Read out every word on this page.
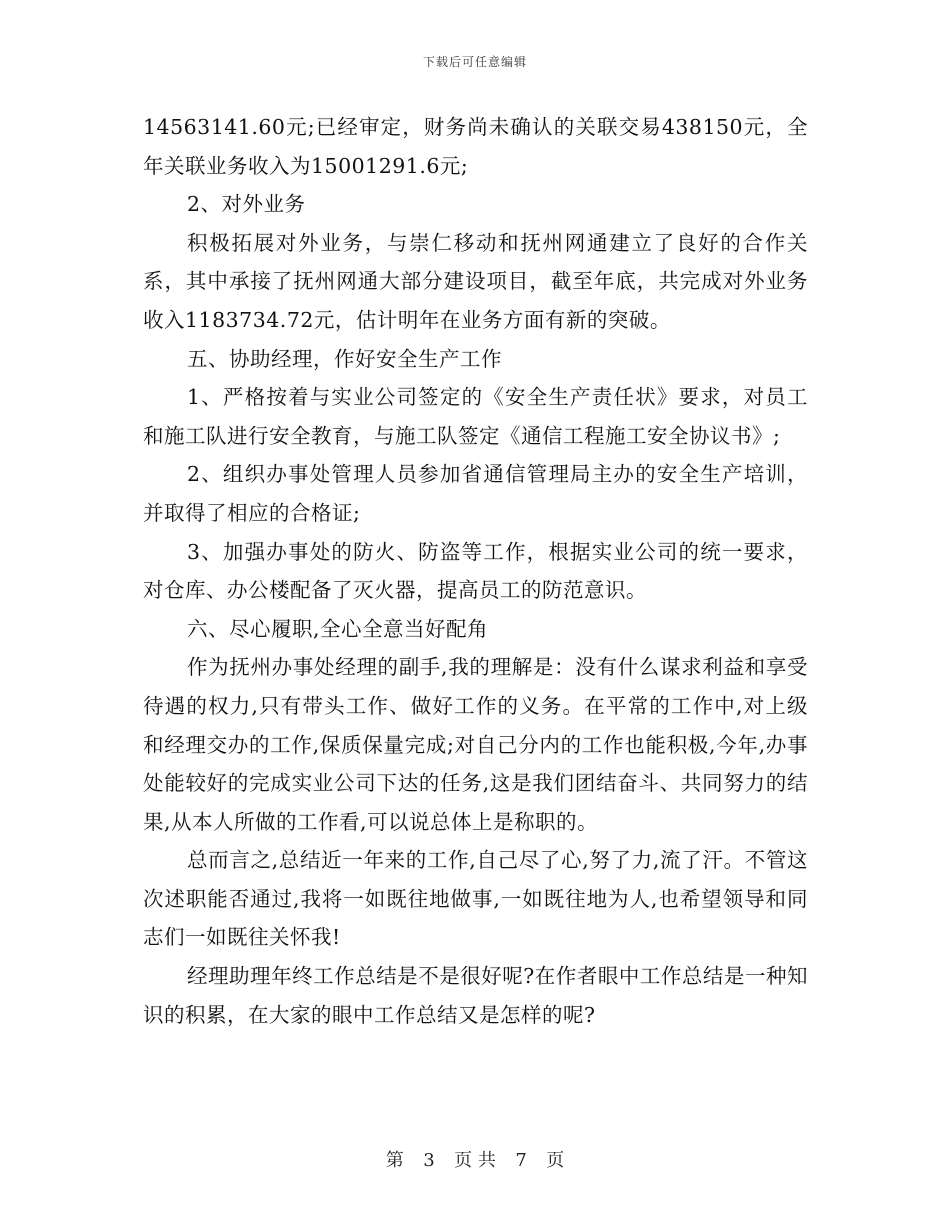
下载后可任意编辑

14563141.60元;已经审定，财务尚未确认的关联交易438150元，全年关联业务收入为15001291.6元;

2、对外业务

积极拓展对外业务，与崇仁移动和抚州网通建立了良好的合作关系，其中承接了抚州网通大部分建设项目，截至年底，共完成对外业务收入1183734.72元，估计明年在业务方面有新的突破。

五、协助经理，作好安全生产工作

1、严格按着与实业公司签定的《安全生产责任状》要求，对员工和施工队进行安全教育，与施工队签定《通信工程施工安全协议书》;

2、组织办事处管理人员参加省通信管理局主办的安全生产培训，并取得了相应的合格证;

3、加强办事处的防火、防盗等工作，根据实业公司的统一要求，对仓库、办公楼配备了灭火器，提高员工的防范意识。

六、尽心履职,全心全意当好配角

作为抚州办事处经理的副手,我的理解是：没有什么谋求利益和享受待遇的权力,只有带头工作、做好工作的义务。在平常的工作中,对上级和经理交办的工作,保质保量完成;对自己分内的工作也能积极,今年,办事处能较好的完成实业公司下达的任务,这是我们团结奋斗、共同努力的结果,从本人所做的工作看,可以说总体上是称职的。

总而言之,总结近一年来的工作,自己尽了心,努了力,流了汗。不管这次述职能否通过,我将一如既往地做事,一如既往地为人,也希望领导和同志们一如既往关怀我!

经理助理年终工作总结是不是很好呢?在作者眼中工作总结是一种知识的积累，在大家的眼中工作总结又是怎样的呢?

第 3 页 共 7 页
